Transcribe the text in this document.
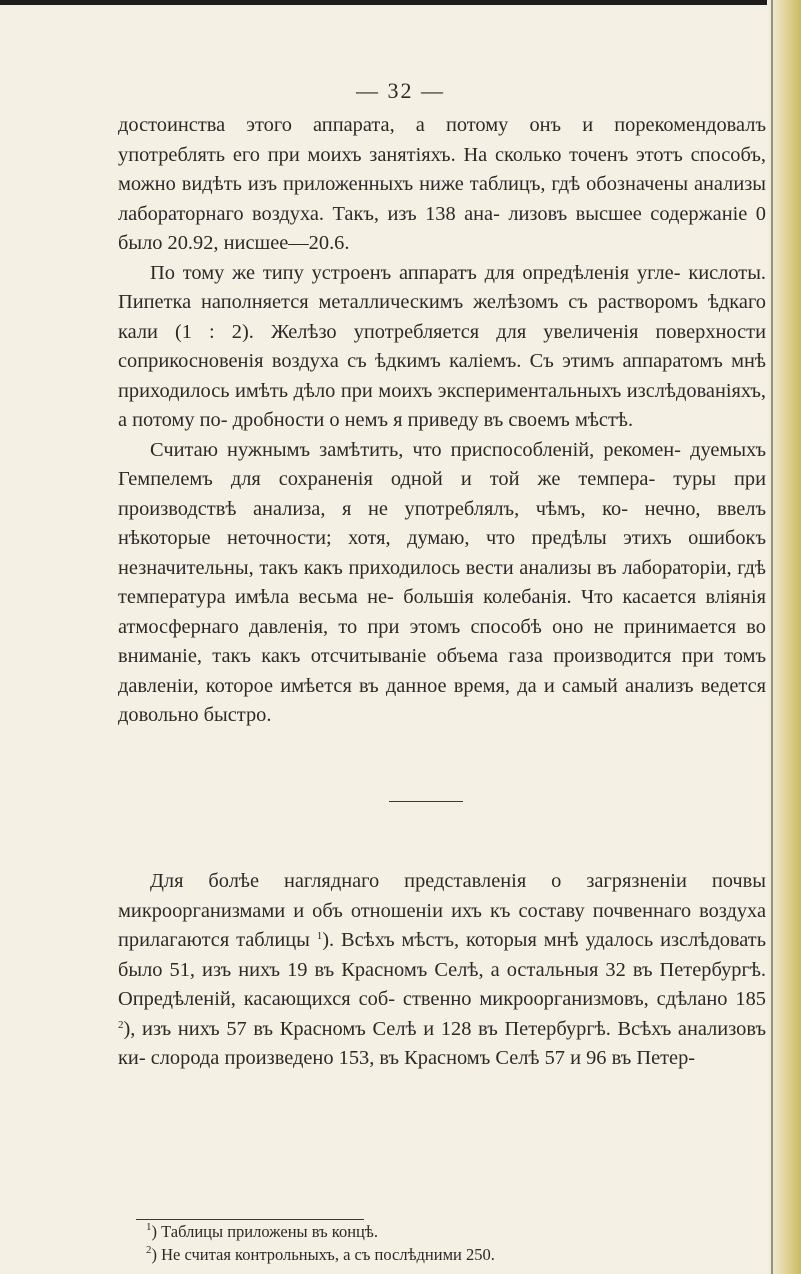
— 32 —

достоинства этого аппарата, а потому онъ и порекомендовалъ употреблять его при моихъ занятіяхъ. На сколько точенъ этотъ способъ, можно видѣть изъ приложенныхъ ниже таблицъ, гдѣ обозначены анализы лабораторнаго воздуха. Такъ, изъ 138 ана- лизовъ высшее содержаніе 0 было 20.92, нисшее—20.6.

По тому же типу устроенъ аппаратъ для опредѣленія угле- кислоты. Пипетка наполняется металлическимъ желѣзомъ съ растворомъ ѣдкаго кали (1 : 2). Желѣзо употребляется для увеличенія поверхности соприкосновенія воздуха съ ѣдкимъ каліемъ. Съ этимъ аппаратомъ мнѣ приходилось имѣть дѣло при моихъ экспериментальныхъ изслѣдованіяхъ, а потому по- дробности о немъ я приведу въ своемъ мѣстѣ.

Считаю нужнымъ замѣтить, что приспособленій, рекомен- дуемыхъ Гемпелемъ для сохраненія одной и той же темпера- туры при производствѣ анализа, я не употреблялъ, чѣмъ, ко- нечно, ввелъ нѣкоторые неточности; хотя, думаю, что предѣлы этихъ ошибокъ незначительны, такъ какъ приходилось вести анализы въ лабораторіи, гдѣ температура имѣла весьма не- большія колебанія. Что касается вліянія атмосфернаго давленія, то при этомъ способѣ оно не принимается во вниманіе, такъ какъ отсчитываніе объема газа производится при томъ давленіи, которое имѣется въ данное время, да и самый анализъ ведется довольно быстро.

Для болѣе нагляднаго представленія о загрязненіи почвы микроорганизмами и объ отношеніи ихъ къ составу почвеннаго воздуха прилагаются таблицы $^1$). Всѣхъ мѣстъ, которыя мнѣ удалось изслѣдовать было 51, изъ нихъ 19 въ Красномъ Селѣ, а остальныя 32 въ Петербургѣ. Опредѣленій, касающихся соб- ственно микроорганизмовъ, сдѣлано 185 $^2$), изъ нихъ 57 въ Красномъ Селѣ и 128 въ Петербургѣ. Всѣхъ анализовъ ки- слорода произведено 153, въ Красномъ Селѣ 57 и 96 въ Петер-

$^1$) Таблицы приложены въ концѣ.
$^2$) Не считая контрольныхъ, а съ послѣдними 250.
